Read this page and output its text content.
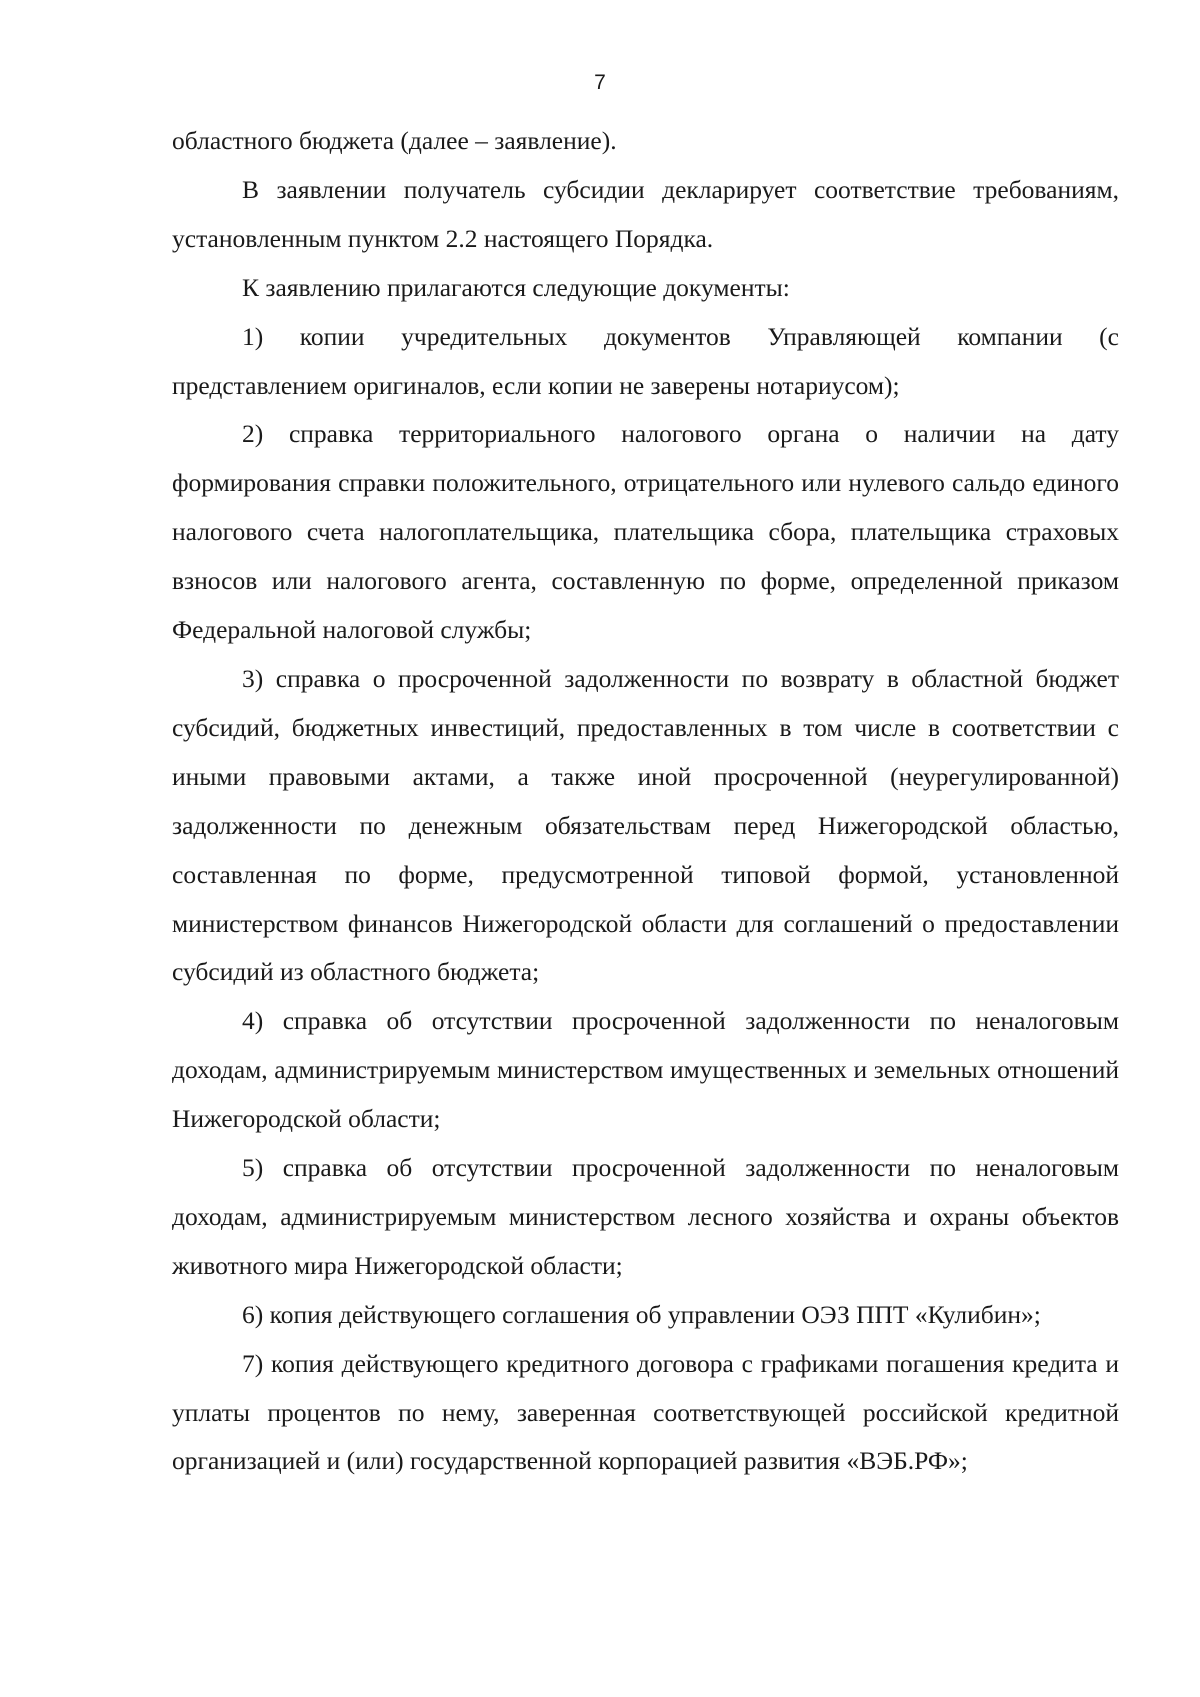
7

областного бюджета (далее – заявление).

В заявлении получатель субсидии декларирует соответствие требованиям, установленным пунктом 2.2 настоящего Порядка.

К заявлению прилагаются следующие документы:

1) копии учредительных документов Управляющей компании (с представлением оригиналов, если копии не заверены нотариусом);

2) справка территориального налогового органа о наличии на дату формирования справки положительного, отрицательного или нулевого сальдо единого налогового счета налогоплательщика, плательщика сбора, плательщика страховых взносов или налогового агента, составленную по форме, определенной приказом Федеральной налоговой службы;

3) справка о просроченной задолженности по возврату в областной бюджет субсидий, бюджетных инвестиций, предоставленных в том числе в соответствии с иными правовыми актами, а также иной просроченной (неурегулированной) задолженности по денежным обязательствам перед Нижегородской областью, составленная по форме, предусмотренной типовой формой, установленной министерством финансов Нижегородской области для соглашений о предоставлении субсидий из областного бюджета;

4) справка об отсутствии просроченной задолженности по неналоговым доходам, администрируемым министерством имущественных и земельных отношений Нижегородской области;

5) справка об отсутствии просроченной задолженности по неналоговым доходам, администрируемым министерством лесного хозяйства и охраны объектов животного мира Нижегородской области;

6) копия действующего соглашения об управлении ОЭЗ ППТ «Кулибин»;

7) копия действующего кредитного договора с графиками погашения кредита и уплаты процентов по нему, заверенная соответствующей российской кредитной организацией и (или) государственной корпорацией развития «ВЭБ.РФ»;
